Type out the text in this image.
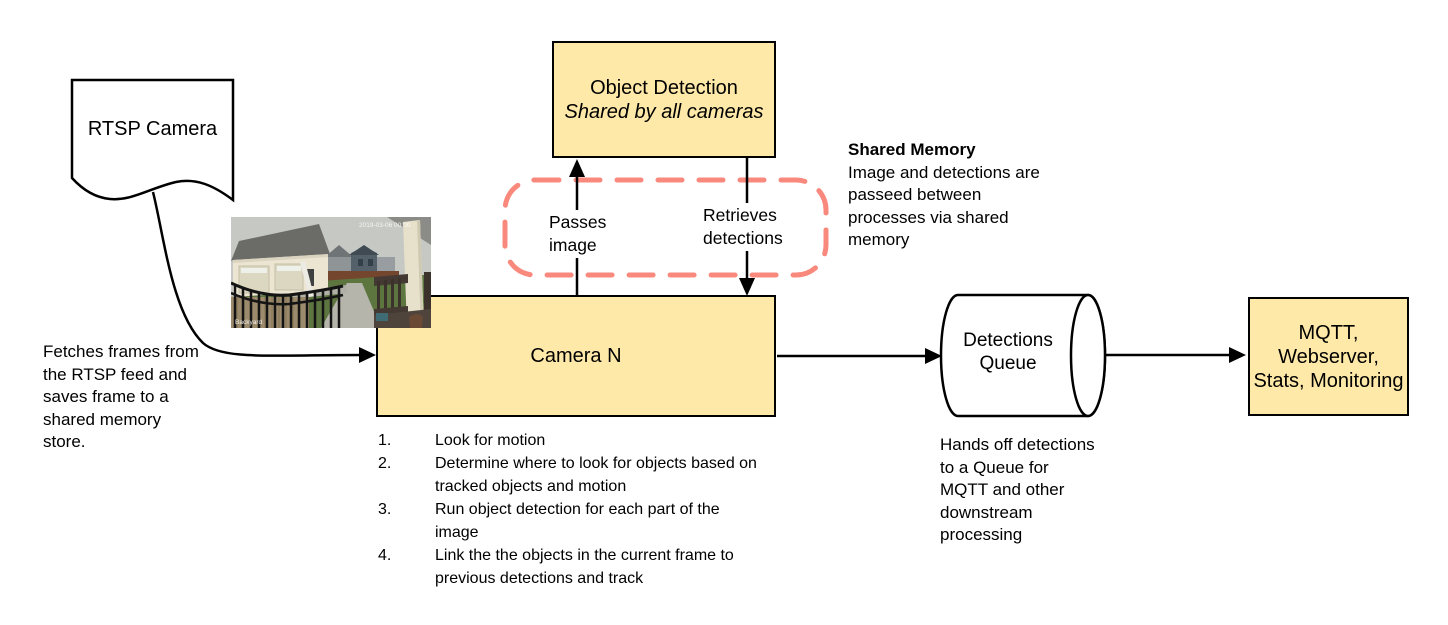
RTSP Camera
Fetches frames from
the RTSP feed and
saves frame to a
shared memory
store.
2019-03-06 00:00
Backyard
Object Detection
Shared by all cameras
Shared Memory
Image and detections are
passeed between
processes via shared
memory
Passes
image
Retrieves
detections
Camera N
1.	Look for motion
2.	Determine where to look for objects based on tracked objects and motion
3.	Run object detection for each part of the image
4.	Link the the objects in the current frame to previous detections and track
Detections
Queue
Hands off detections
to a Queue for
MQTT and other
downstream
processing
MQTT, Webserver,
Stats, Monitoring
